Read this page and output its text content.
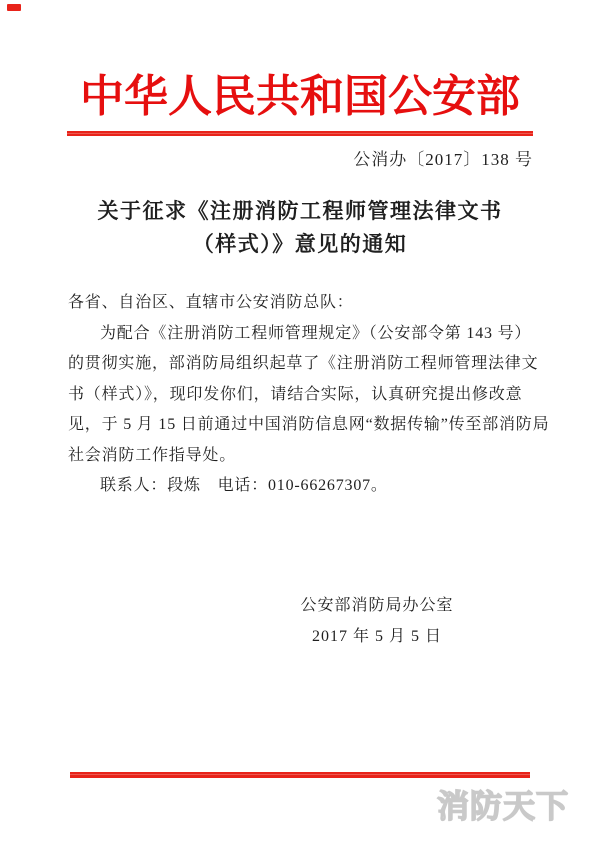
中华人民共和国公安部
公消办〔2017〕138 号
关于征求《注册消防工程师管理法律文书
（样式）》意见的通知
各省、自治区、直辖市公安消防总队：
为配合《注册消防工程师管理规定》（公安部令第 143 号）
的贯彻实施，部消防局组织起草了《注册消防工程师管理法律文
书（样式）》，现印发你们，请结合实际，认真研究提出修改意
见，于 5 月 15 日前通过中国消防信息网“数据传输”传至部消防局
社会消防工作指导处。
联系人：段炼　电话：010-66267307。
公安部消防局办公室
2017 年 5 月 5 日
消防天下
